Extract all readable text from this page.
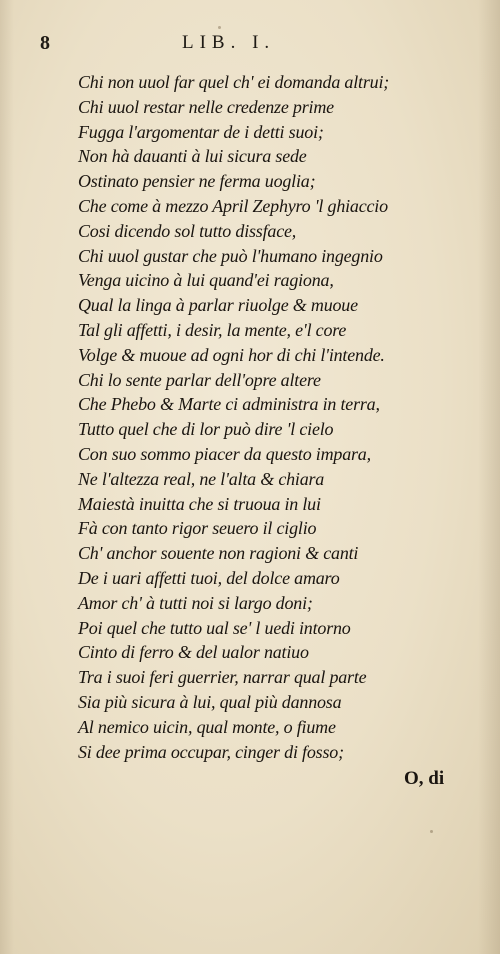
8	LIB. I.
Chi non uuol far quel ch' ei domanda altrui;
Chi uuol restar nelle credenze prime
Fugga l'argomentar de i detti suoi;
Non hà dauanti à lui sicura sede
Ostinato pensier ne ferma uoglia;
Che come à mezzo April Zephyro 'l ghiaccio
Cosi dicendo sol tutto dissface,
Chi uuol gustar che può l'humano ingegnio
Venga uicino à lui quand'ei ragiona,
Qual la linga à parlar riuolge & muoue
Tal gli affetti, i desir, la mente, e'l core
Volge & muoue ad ogni hor di chi l'intende.
Chi lo sente parlar dell'opre altere
Che Phebo & Marte ci administra in terra,
Tutto quel che di lor può dire 'l cielo
Con suo sommo piacer da questo impara,
Ne l'altezza real, ne l'alta & chiara
Maiestà inuitta che si truoua in lui
Fà con tanto rigor seuero il ciglio
Ch' anchor souente non ragioni & canti
De i uari affetti tuoi, del dolce amaro
Amor ch' à tutti noi si largo doni;
Poi quel che tutto ual se' l uedi intorno
Cinto di ferro & del ualor natiuo
Tra i suoi feri guerrier, narrar qual parte
Sia più sicura à lui, qual più dannosa
Al nemico uicin, qual monte, o fiume
Si dee prima occupar, cinger di fosso;
O, di
